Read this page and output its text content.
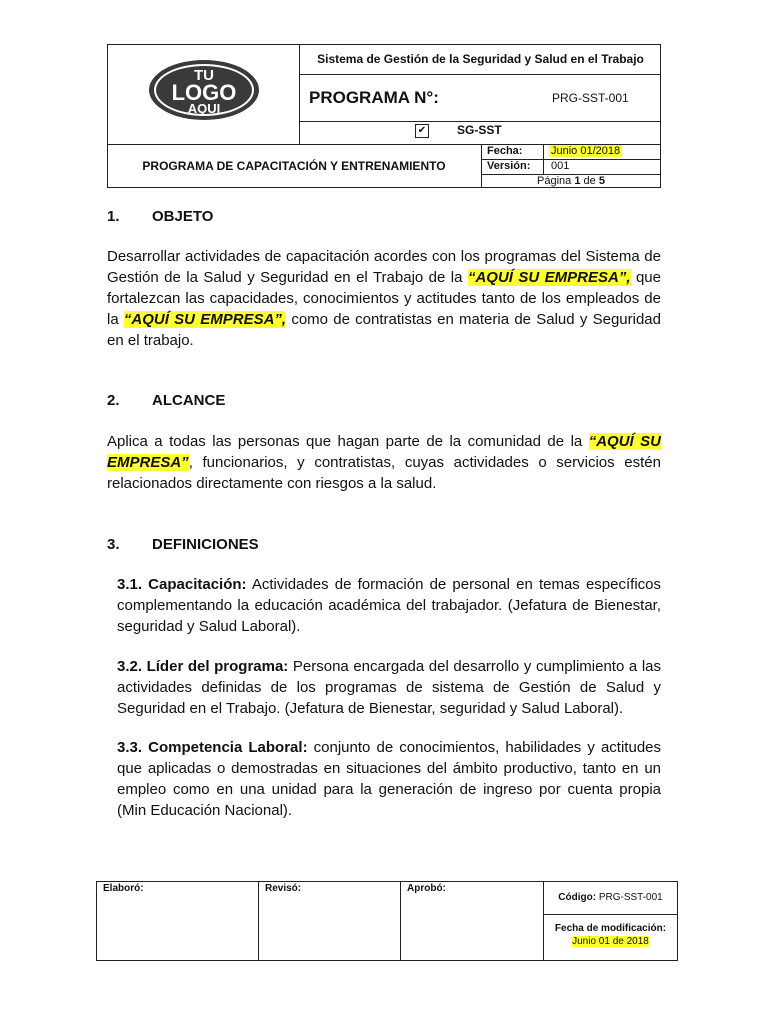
TU
LOGO
AQUI
Sistema de Gestión de la Seguridad y Salud en el Trabajo
PROGRAMA N°:	PRG-SST-001
✔	SG-SST
PROGRAMA DE CAPACITACIÓN Y ENTRENAMIENTO
Fecha:	Junio 01/2018
Versión: 001
Página 1 de 5
1. OBJETO
Desarrollar actividades de capacitación acordes con los programas del Sistema de Gestión de la Salud y Seguridad en el Trabajo de la “AQUÍ SU EMPRESA”, que fortalezcan las capacidades, conocimientos y actitudes tanto de los empleados de la “AQUÍ SU EMPRESA”, como de contratistas en materia de Salud y Seguridad en el trabajo.
2. ALCANCE
Aplica a todas las personas que hagan parte de la comunidad de la “AQUÍ SU EMPRESA”, funcionarios, y contratistas, cuyas actividades o servicios estén relacionados directamente con riesgos a la salud.
3. DEFINICIONES
3.1. Capacitación: Actividades de formación de personal en temas específicos complementando la educación académica del trabajador. (Jefatura de Bienestar, seguridad y Salud Laboral).
3.2. Líder del programa: Persona encargada del desarrollo y cumplimiento a las actividades definidas de los programas de sistema de Gestión de Salud y Seguridad en el Trabajo. (Jefatura de Bienestar, seguridad y Salud Laboral).
3.3. Competencia Laboral: conjunto de conocimientos, habilidades y actitudes que aplicadas o demostradas en situaciones del ámbito productivo, tanto en un empleo como en una unidad para la generación de ingreso por cuenta propia (Min Educación Nacional).
Elaboró:	Revisó:	Aprobó:
Código: PRG-SST-001
Fecha de modificación:
Junio 01 de 2018
